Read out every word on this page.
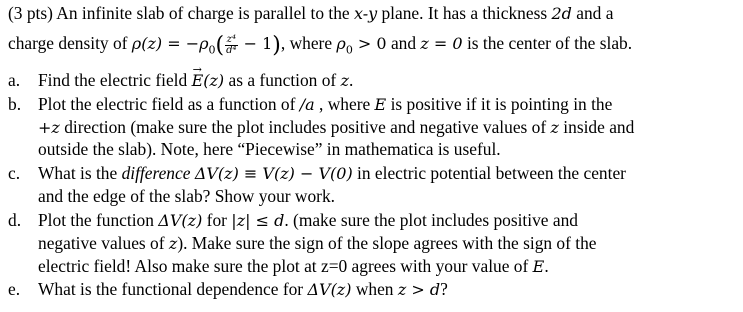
(3 pts) An infinite slab of charge is parallel to the x-y plane. It has a thickness 2d and a
charge density of $\rho(z) = -\rho_0( \frac{\text{z⁴}}{\text{d⁴}} - 1)$, where $\rho_0 > 0$ and z = 0 is the center of the slab.
a. Find the electric field → E(z) as a function of z.
b. Plot the electric field as a function of /a , where E is positive if it is pointing in the
+z direction (make sure the plot includes positive and negative values of z inside and
outside the slab). Note, here “Piecewise” in mathematica is useful.
c. What is the difference ΔV(z) ≡ V(z) − V(0) in electric potential between the center
and the edge of the slab? Show your work.
d. Plot the function ΔV(z) for |z| ≤ d. (make sure the plot includes positive and
negative values of z). Make sure the sign of the slope agrees with the sign of the
electric field! Also make sure the plot at z=0 agrees with your value of E.
e. What is the functional dependence for ΔV(z) when z > d?
